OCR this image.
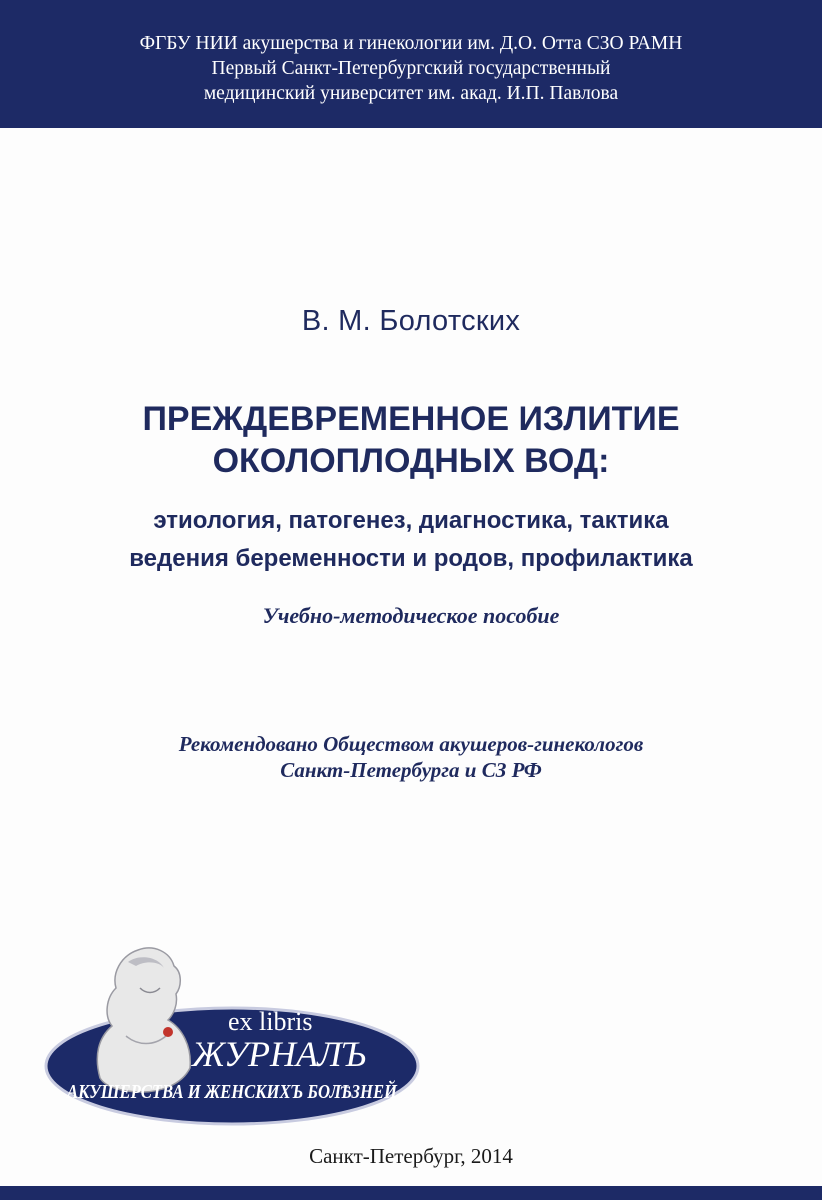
ФГБУ НИИ акушерства и гинекологии им. Д.О. Отта СЗО РАМН
Первый Санкт-Петербургский государственный
медицинский университет им. акад. И.П. Павлова
В. М. Болотских
ПРЕЖДЕВРЕМЕННОЕ ИЗЛИТИЕ
ОКОЛОПЛОДНЫХ ВОД:
этиология, патогенез, диагностика, тактика
ведения беременности и родов, профилактика
Учебно-методическое пособие
Рекомендовано Обществом акушеров-гинекологов
Санкт-Петербурга и СЗ РФ
ex libris
ЖУРНАЛЪ
АКУШЕРСТВА И ЖЕНСКИХЪ БОЛѢЗНЕЙ
Санкт-Петербург, 2014
